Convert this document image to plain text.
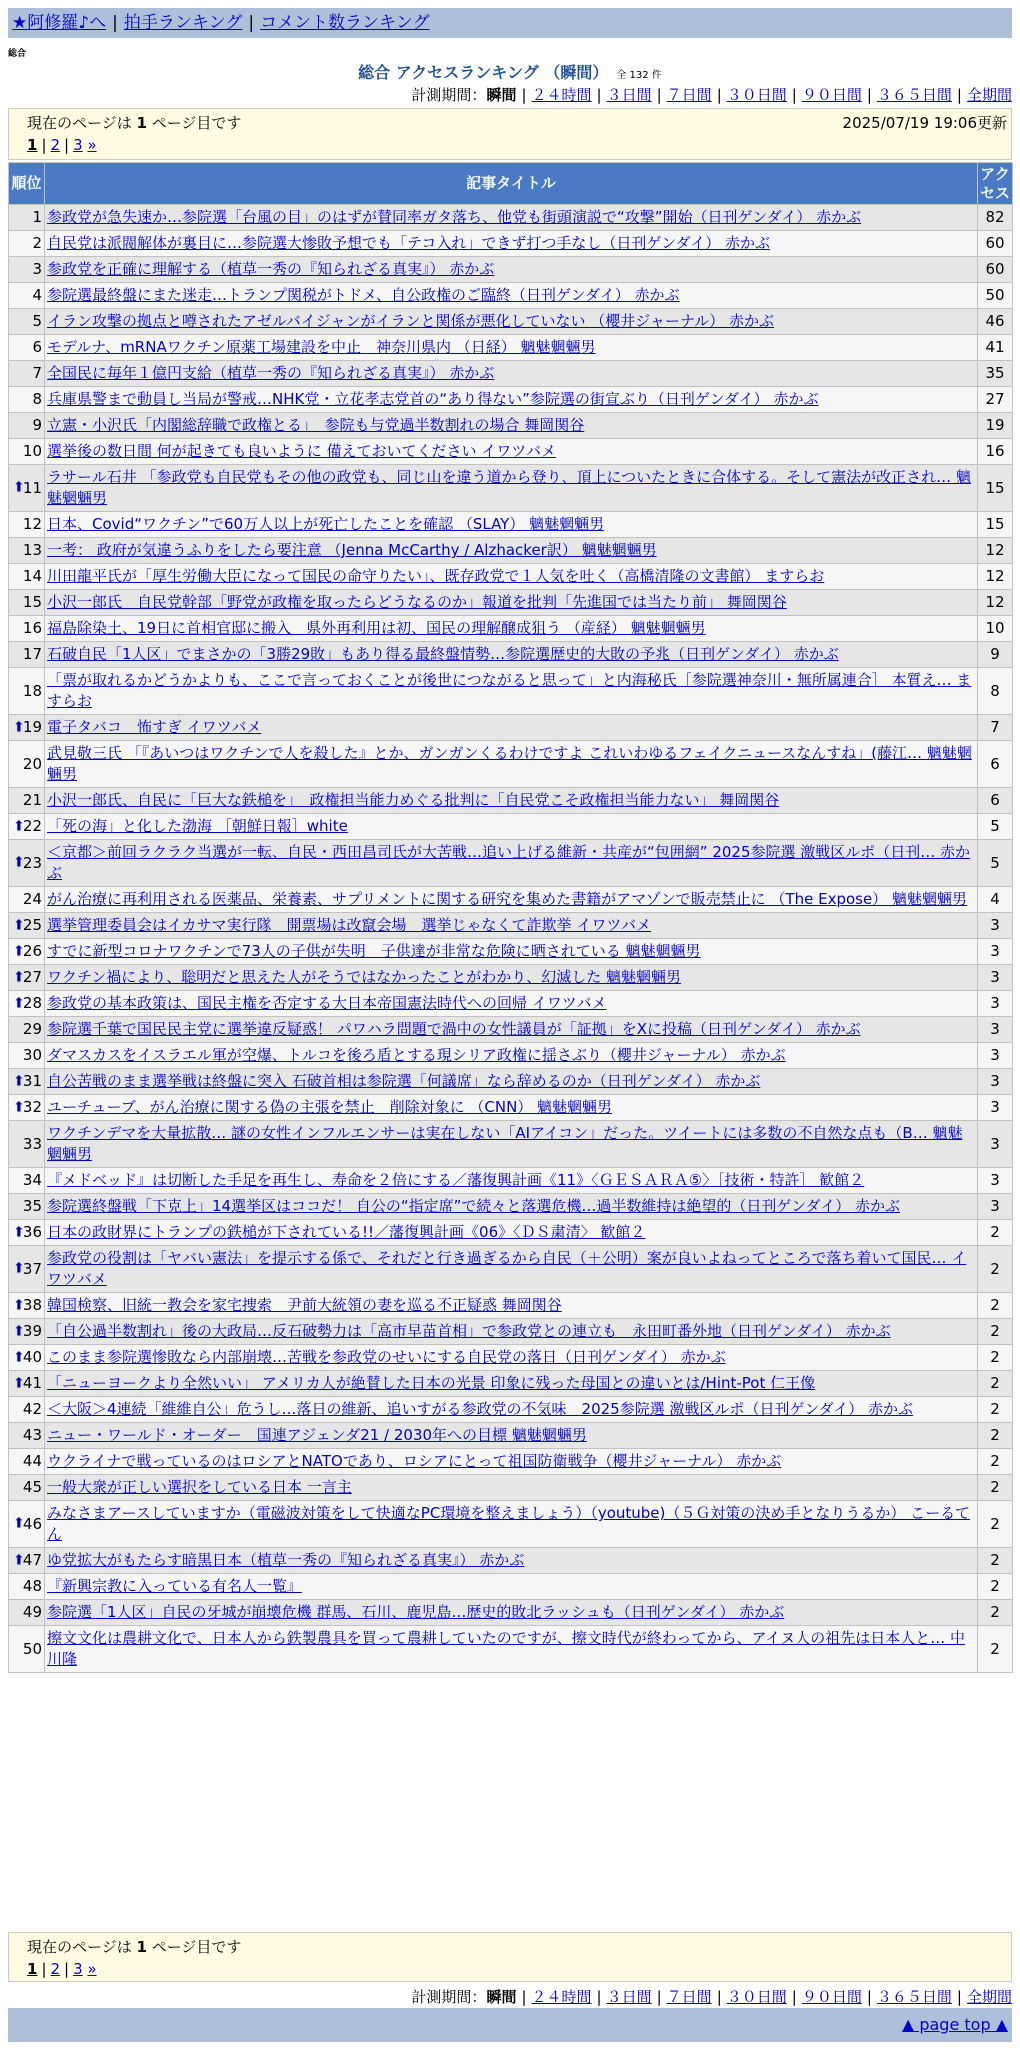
★阿修羅♪へ | 拍手ランキング | コメント数ランキング
総合
総合 アクセスランキング （瞬間） 全 132 件
計測期間：瞬間 | ２４時間 | ３日間 | ７日間 | ３０日間 | ９０日間 | ３６５日間 | 全期間
現在のページは 1 ページ目です	2025/07/19 19:06更新
1 | 2 | 3 »
順位	記事タイトル	アクセス
1	参政党が急失速か…参院選「台風の目」のはずが賛同率ガタ落ち、他党も街頭演説で“攻撃”開始（日刊ゲンダイ） 赤かぶ	82
2	自民党は派閥解体が裏目に…参院選大惨敗予想でも「テコ入れ」できず打つ手なし（日刊ゲンダイ） 赤かぶ	60
3	参政党を正確に理解する（植草一秀の『知られざる真実』） 赤かぶ	60
4	参院選最終盤にまた迷走…トランプ関税がトドメ、自公政権のご臨終（日刊ゲンダイ） 赤かぶ	50
5	イラン攻撃の拠点と噂されたアゼルバイジャンがイランと関係が悪化していない （櫻井ジャーナル） 赤かぶ	46
6	モデルナ、mRNAワクチン原薬工場建設を中止　神奈川県内 （日経） 魑魅魍魎男	41
7	全国民に毎年１億円支給（植草一秀の『知られざる真実』） 赤かぶ	35
8	兵庫県警まで動員し当局が警戒…NHK党・立花孝志党首の“あり得ない”参院選の街宣ぶり（日刊ゲンダイ） 赤かぶ	27
9	立憲・小沢氏「内閣総辞職で政権とる」　参院も与党過半数割れの場合 舞岡関谷	19
10	選挙後の数日間 何が起きても良いように 備えておいてください イワツバメ	16

⬆
11	ラサール石井 「参政党も自民党もその他の政党も、同じ山を違う道から登り、頂上についたときに合体する。そして憲法が改正され… 魑魅魍魎男	15
12	日本、Covid“ワクチン”で60万人以上が死亡したことを確認 （SLAY） 魑魅魍魎男	15
13	一考： 政府が気違うふりをしたら要注意 （Jenna McCarthy / Alzhacker訳） 魑魅魍魎男	12
14	川田龍平氏が「厚生労働大臣になって国民の命守りたい」、既存政党で１人気を吐く（高橋清隆の文書館） ますらお	12
15	小沢一郎氏　自民党幹部「野党が政権を取ったらどうなるのか」報道を批判「先進国では当たり前」 舞岡関谷	12
16	福島除染土、19日に首相官邸に搬入　県外再利用は初、国民の理解醸成狙う （産経） 魑魅魍魎男	10
17	石破自民「1人区」でまさかの「3勝29敗」もあり得る最終盤情勢…参院選歴史的大敗の予兆（日刊ゲンダイ） 赤かぶ	9
18	「票が取れるかどうかよりも、ここで言っておくことが後世につながると思って」と内海秘氏［参院選神奈川・無所属連合］ 本質え… ますらお	8

⬆
19	電子タバコ　怖すぎ イワツバメ	7
20	武見敬三氏 「『あいつはワクチンで人を殺した』とか、ガンガンくるわけですよ これいわゆるフェイクニュースなんすね」(藤江… 魑魅魍魎男	6
21	小沢一郎氏、自民に「巨大な鉄槌を」　政権担当能力めぐる批判に「自民党こそ政権担当能力ない」 舞岡関谷	6

⬆
22	「死の海」と化した渤海 ［朝鮮日報］white	5

⬆
23	＜京都＞前回ラクラク当選が一転、自民・西田昌司氏が大苦戦…追い上げる維新・共産が“包囲網” 2025参院選 激戦区ルポ（日刊… 赤かぶ	5
24	がん治療に再利用される医薬品、栄養素、サプリメントに関する研究を集めた書籍がアマゾンで販売禁止に （The Expose） 魑魅魍魎男	4

⬆
25	選挙管理委員会はイカサマ実行隊　開票場は改竄会場　選挙じゃなくて詐欺挙 イワツバメ	3

⬆
26	すでに新型コロナワクチンで73人の子供が失明　子供達が非常な危険に晒されている 魑魅魍魎男	3

⬆
27	ワクチン禍により、聡明だと思えた人がそうではなかったことがわかり、幻滅した 魑魅魍魎男	3

⬆
28	参政党の基本政策は、国民主権を否定する大日本帝国憲法時代への回帰 イワツバメ	3
29	参院選千葉で国民民主党に選挙違反疑惑！ パワハラ問題で渦中の女性議員が「証拠」をXに投稿（日刊ゲンダイ） 赤かぶ	3
30	ダマスカスをイスラエル軍が空爆、トルコを後ろ盾とする現シリア政権に揺さぶり（櫻井ジャーナル） 赤かぶ	3

⬆
31	自公苦戦のまま選挙戦は終盤に突入 石破首相は参院選「何議席」なら辞めるのか（日刊ゲンダイ） 赤かぶ	3

⬆
32	ユーチューブ、がん治療に関する偽の主張を禁止　削除対象に （CNN） 魑魅魍魎男	3
33	ワクチンデマを大量拡散… 謎の女性インフルエンサーは実在しない「AIアイコン」だった。ツイートには多数の不自然な点も（B… 魑魅魍魎男	3
34	『メドベッド』は切断した手足を再生し、寿命を２倍にする／藩復興計画《11》〈ＧＥＳＡＲＡ⑤〉［技術・特許］ 歓館２	3
35	参院選終盤戦「下克上」14選挙区はココだ！ 自公の“指定席”で続々と落選危機…過半数維持は絶望的（日刊ゲンダイ） 赤かぶ	3

⬆
36	日本の政財界にトランプの鉄槌が下されている!!／藩復興計画《06》〈ＤＳ粛清〉 歓館２	2

⬆
37	参政党の役割は「ヤバい憲法」を提示する係で、それだと行き過ぎるから自民（＋公明）案が良いよねってところで落ち着いて国民… イワツバメ	2

⬆
38	韓国検察、旧統一教会を家宅捜索　尹前大統領の妻を巡る不正疑惑 舞岡関谷	2

⬆
39	「自公過半数割れ」後の大政局…反石破勢力は「高市早苗首相」で参政党との連立も　永田町番外地（日刊ゲンダイ） 赤かぶ	2

⬆
40	このまま参院選惨敗なら内部崩壊…苦戦を参政党のせいにする自民党の落日（日刊ゲンダイ） 赤かぶ	2

⬆
41	「ニューヨークより全然いい」 アメリカ人が絶賛した日本の光景 印象に残った母国との違いとは/Hint-Pot 仁王像	2
42	＜大阪＞4連続「維維自公」危うし…落日の維新、追いすがる参政党の不気味　2025参院選 激戦区ルポ（日刊ゲンダイ） 赤かぶ	2
43	ニュー・ワールド・オーダー　国連アジェンダ21 / 2030年への目標 魑魅魍魎男	2
44	ウクライナで戦っているのはロシアとNATOであり、ロシアにとって祖国防衛戦争（櫻井ジャーナル） 赤かぶ	2
45	一般大衆が正しい選択をしている日本 一言主	2

⬆
46	みなさまアースしていますか（電磁波対策をして快適なPC環境を整えましょう）（youtube)（５Ｇ対策の決め手となりうるか） こーるてん	2

⬆
47	ゆ党拡大がもたらす暗黒日本（植草一秀の『知られざる真実』） 赤かぶ	2
48	『新興宗教に入っている有名人一覧』	2
49	参院選「1人区」自民の牙城が崩壊危機 群馬、石川、鹿児島…歴史的敗北ラッシュも（日刊ゲンダイ） 赤かぶ	2
50	擦文文化は農耕文化で、日本人から鉄製農具を買って農耕していたのですが、擦文時代が終わってから、アイヌ人の祖先は日本人と… 中川隆	2
現在のページは 1 ページ目です
1 | 2 | 3 »
計測期間：瞬間 | ２４時間 | ３日間 | ７日間 | ３０日間 | ９０日間 | ３６５日間 | 全期間
▲ page top ▲
